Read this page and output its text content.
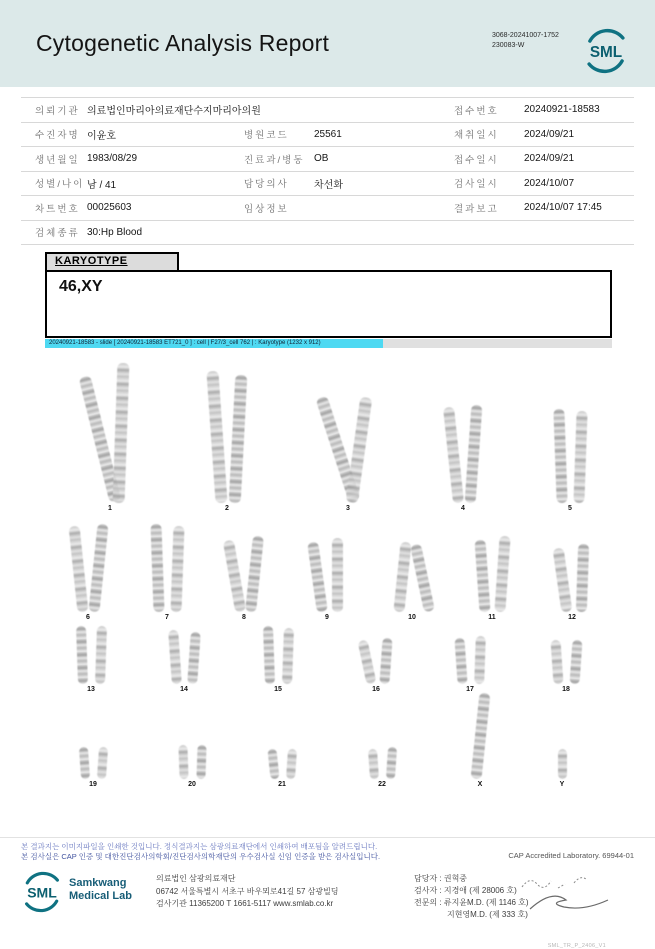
Cytogenetic Analysis Report	3068-20241007-1752
230083-W	SML
의뢰기관 의료법인마리아의료재단수지마리아의원	접수번호	20240921-18583
수진자명 이윤호	병원코드	25561	채취일시	2024/09/21
생년월일 1983/08/29	진료과/병동 OB	접수일시	2024/09/21
성별/나이 남 / 41	담당의사	차선화	검사일시	2024/10/07
차트번호 00025603	임상정보	결과보고	2024/10/07 17:45
검체종류 30:Hp Blood
KARYOTYPE
46,XY
20240921-18583 - slide [ 20240921-18583 ET721_0 ] : cell | F27/3_cell 762 | : Karyotype (1232 x 912)
1	2	3	4	5
6	7	8	9	10	11	12
13	14	15	16	17	18
19	20	21	22	X	Y
본 결과지는 이미지파일을 인쇄한 것입니다. 정식결과지는 삼광의료재단에서 인쇄하여 배포됨을 알려드립니다.
본 검사실은 CAP 인증 및 대한진단검사의학회/진단검사의학재단의 우수검사실 신임 인증을 받은 검사실입니다.	CAP Accredited Laboratory. 69944-01
SML
Samkwang
Medical Lab
의료법인 삼광의료재단
06742 서울특별시 서초구 바우뫼로41길 57 삼광빌딩
검사기관 11365200 T 1661-5117 www.smlab.co.kr
담당자 : 권혁중
검사자 : 지경애 (제 28006 호)
전문의 : 류지윤M.D. (제 1146 호)
지현영M.D. (제 333 호)
SML_TR_P_2406_V1
